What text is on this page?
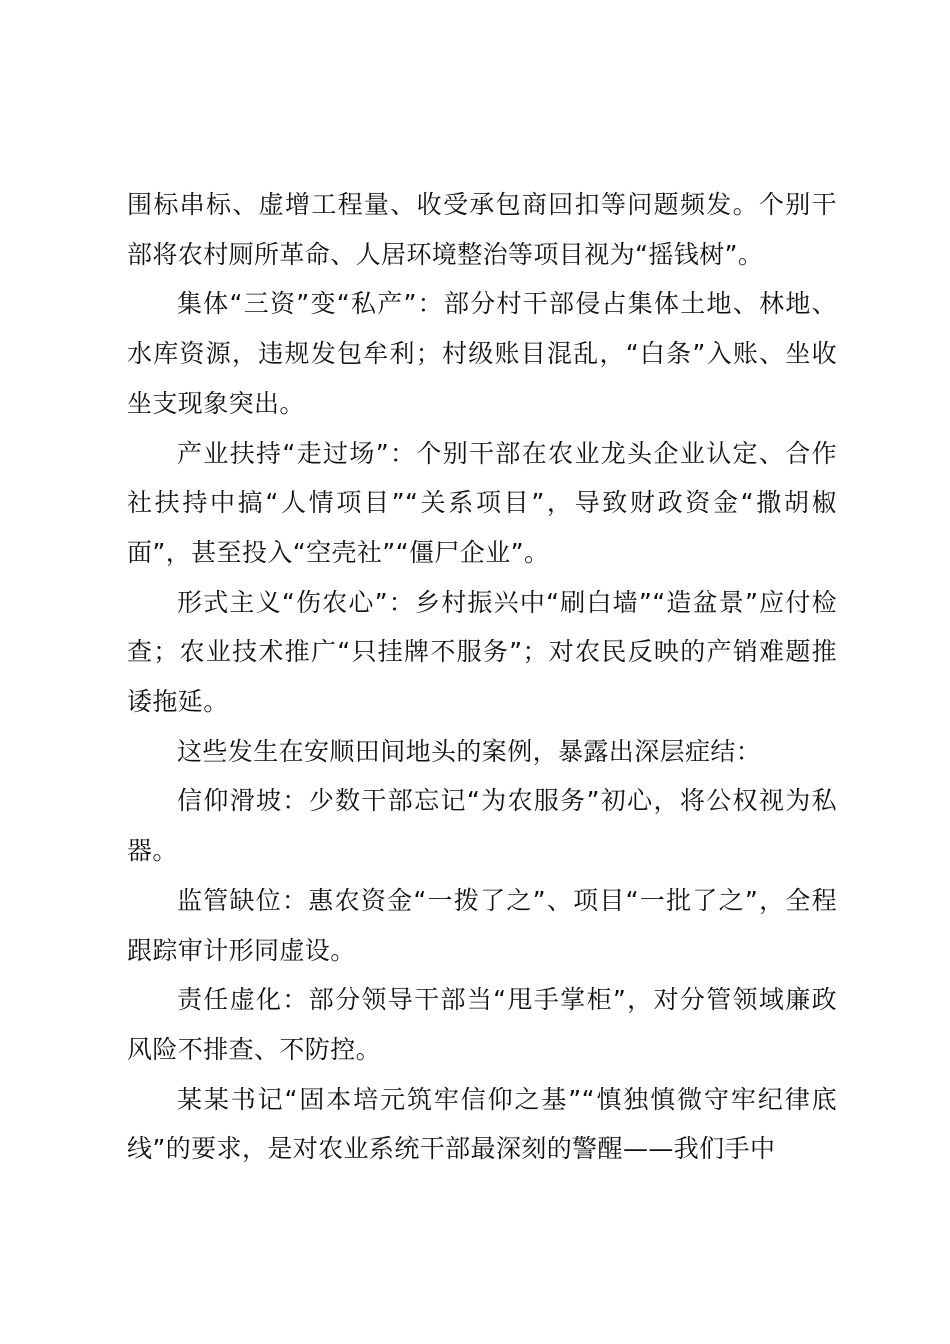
围标串标、虚增工程量、收受承包商回扣等问题频发。个别干部将农村厕所革命、人居环境整治等项目视为“摇钱树”。

集体“三资”变“私产”：部分村干部侵占集体土地、林地、水库资源，违规发包牟利；村级账目混乱，“白条”入账、坐收坐支现象突出。

产业扶持“走过场”：个别干部在农业龙头企业认定、合作社扶持中搞“人情项目”“关系项目”，导致财政资金“撒胡椒面”，甚至投入“空壳社”“僵尸企业”。

形式主义“伤农心”：乡村振兴中“刷白墙”“造盆景”应付检查；农业技术推广“只挂牌不服务”；对农民反映的产销难题推诿拖延。

这些发生在安顺田间地头的案例，暴露出深层症结：

信仰滑坡：少数干部忘记“为农服务”初心，将公权视为私器。

监管缺位：惠农资金“一拨了之”、项目“一批了之”，全程跟踪审计形同虚设。

责任虚化：部分领导干部当“甩手掌柜”，对分管领域廉政风险不排查、不防控。

某某书记“固本培元筑牢信仰之基”“慎独慎微守牢纪律底线”的要求，是对农业系统干部最深刻的警醒——我们手中
